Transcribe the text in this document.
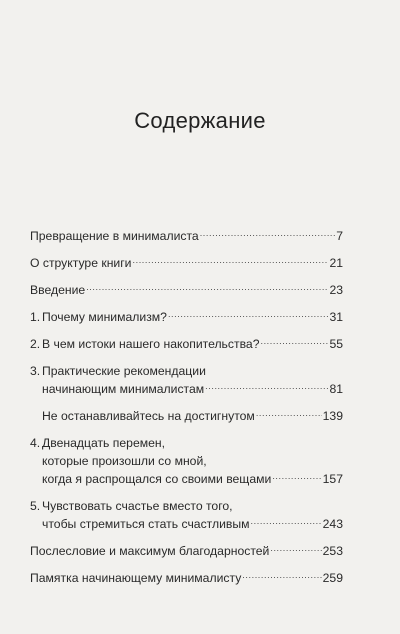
Содержание
Превращение в минималиста .....	7
О структуре книги .....	21
Введение .....	23
1. Почему минимализм? .....	31
2. В чем истоки нашего накопительства? .....	55
3. Практические рекомендации
начинающим минималистам .....	81
Не останавливайтесь на достигнутом .....	139
4. Двенадцать перемен,
которые произошли со мной,
когда я распрощался со своими вещами .....	157
5. Чувствовать счастье вместо того,
чтобы стремиться стать счастливым .....	243
Послесловие и максимум благодарностей .....	253
Памятка начинающему минималисту .....	259
